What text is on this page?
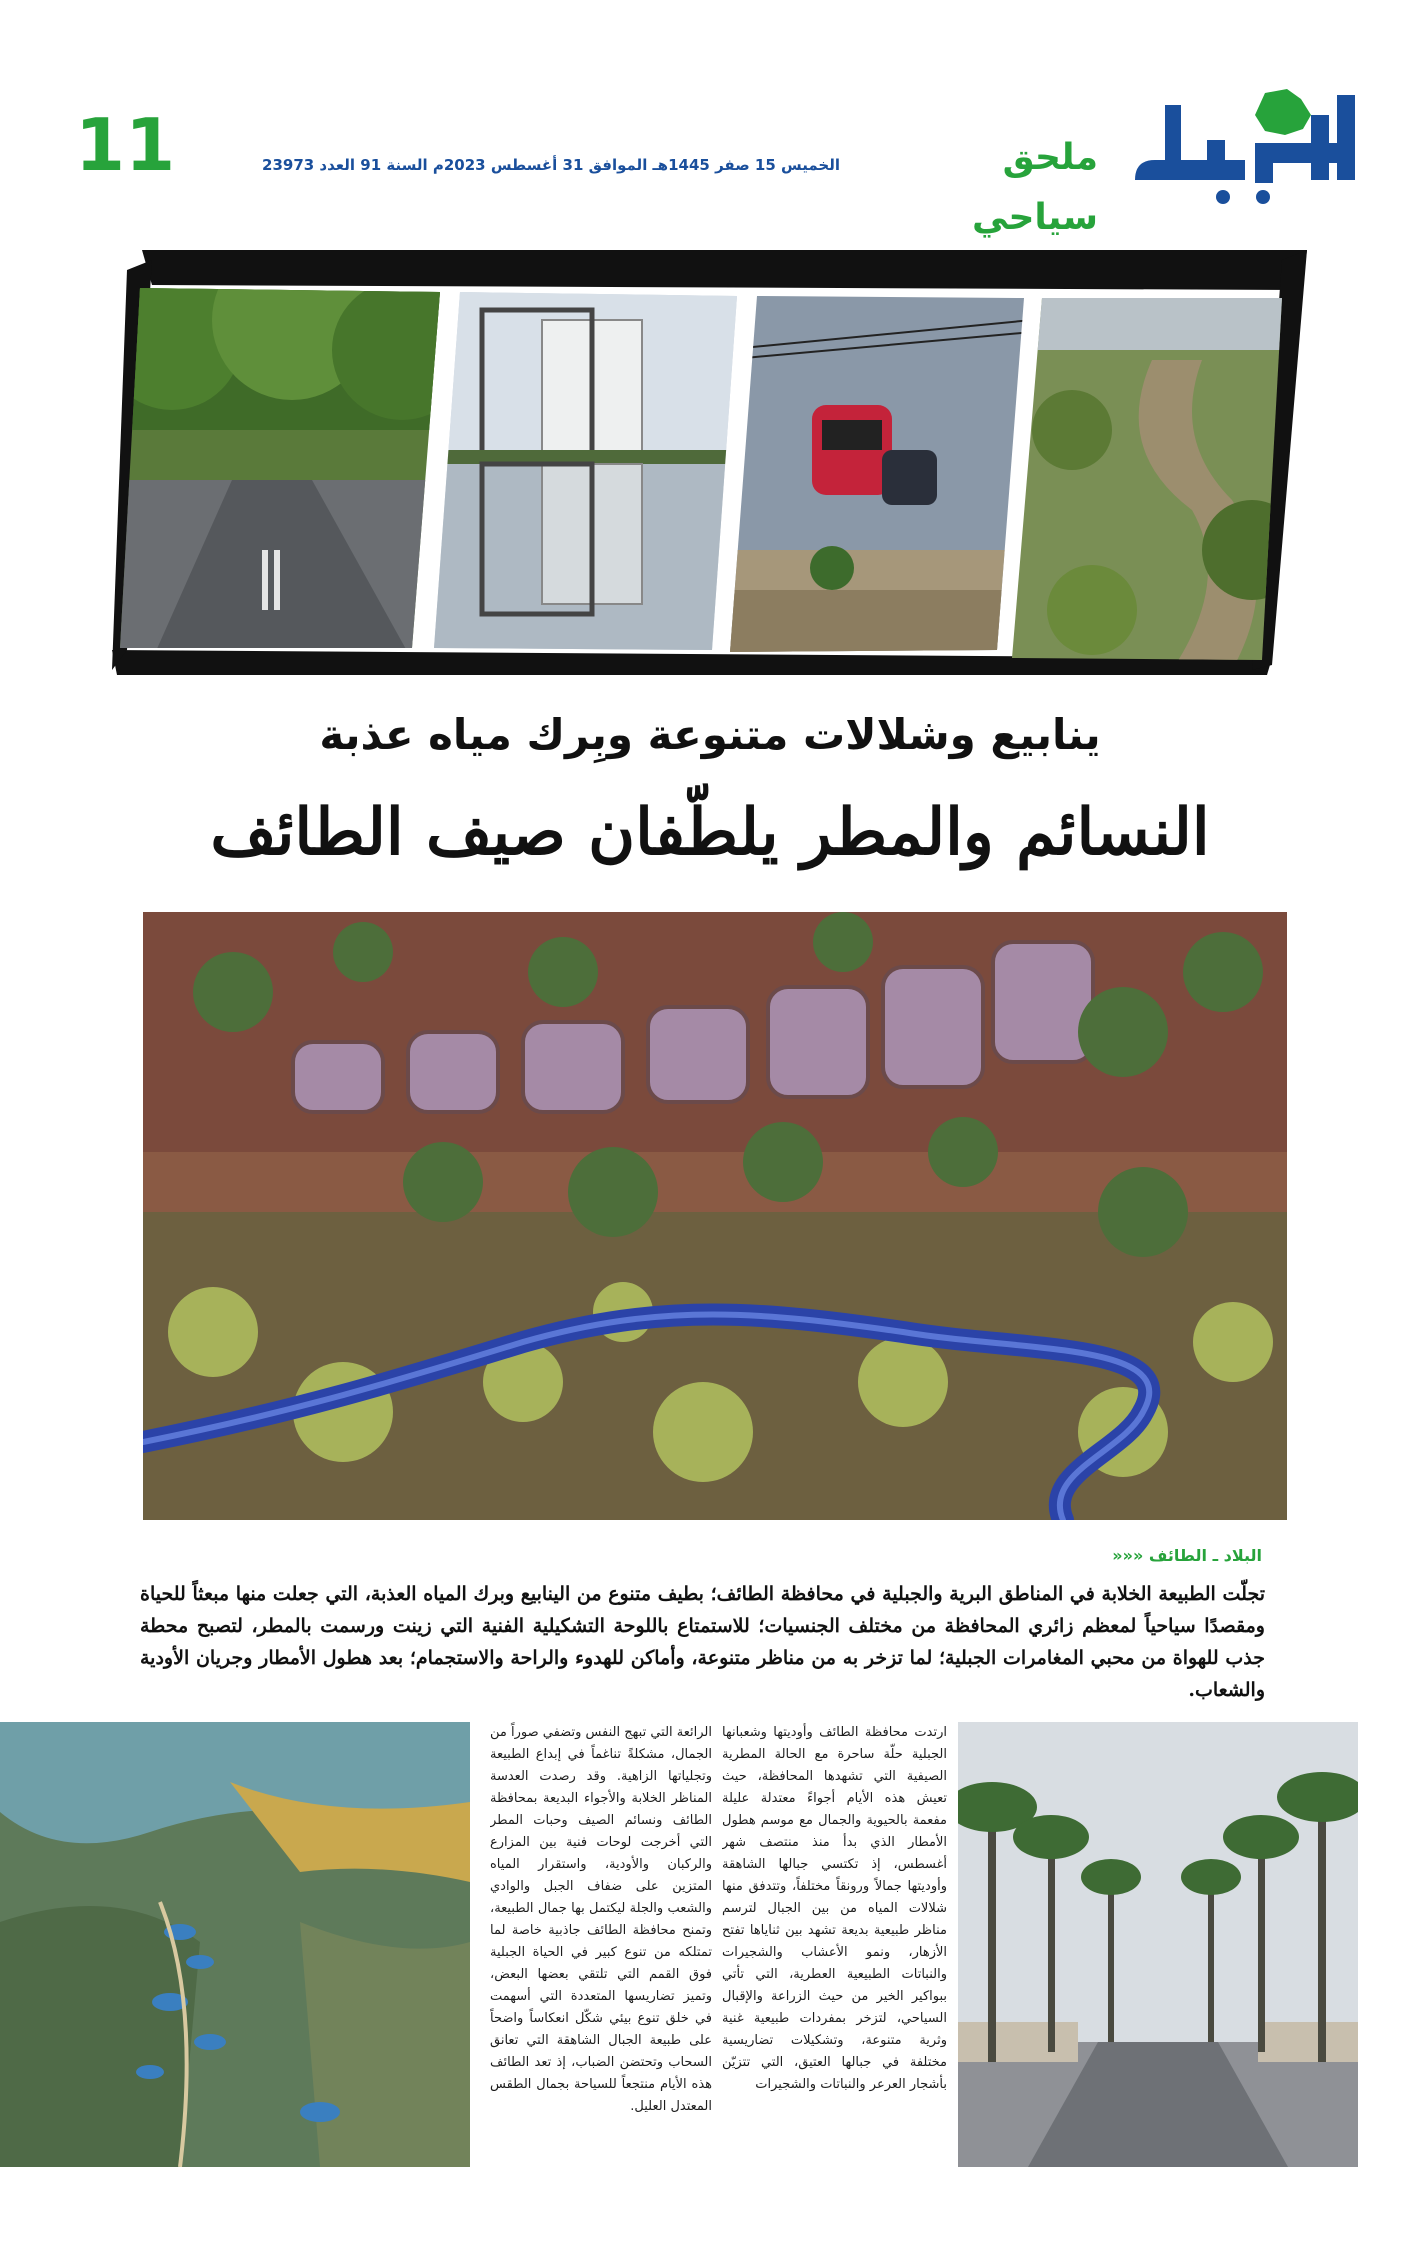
11	الخميس 15 صفر 1445هـ الموافق 31 أغسطس 2023م السنة 91 العدد 23973	ملحق سياحي
ينابيع وشلالات متنوعة وبِرك مياه عذبة
النسائم والمطر يلطّفان صيف الطائف
البلاد ـ الطائف «««
تجلّت الطبيعة الخلابة في المناطق البرية والجبلية في محافظة الطائف؛ بطيف متنوع من الينابيع وبرك المياه العذبة، التي جعلت منها مبعثاً للحياة ومقصدًا سياحياً لمعظم زائري المحافظة من مختلف الجنسيات؛ للاستمتاع باللوحة التشكيلية الفنية التي زينت ورسمت بالمطر، لتصبح محطة جذب للهواة من محبي المغامرات الجبلية؛ لما تزخر به من مناظر متنوعة، وأماكن للهدوء والراحة والاستجمام؛ بعد هطول الأمطار وجريان الأودية والشعاب.
ارتدت محافظة الطائف وأوديتها وشعبانها الجبلية حلّة ساحرة مع الحالة المطرية الصيفية التي تشهدها المحافظة، حيث تعيش هذه الأيام أجواءً معتدلة عليلة مفعمة بالحيوية والجمال مع موسم هطول الأمطار الذي بدأ منذ منتصف شهر أغسطس، إذ تكتسي جبالها الشاهقة وأوديتها جمالاً ورونقاً مختلفاً، وتتدفق منها شلالات المياه من بين الجبال لترسم مناظر طبيعية بديعة تشهد بين ثناياها تفتح الأزهار، ونمو الأعشاب والشجيرات والنباتات الطبيعية العطرية، التي تأتي ببواكير الخير من حيث الزراعة والإقبال السياحي، لتزخر بمفردات طبيعية غنية وثرية متنوعة، وتشكيلات تضاريسية مختلفة في جبالها العتيق، التي تتزيّن بأشجار العرعر والنباتات والشجيرات
الرائعة التي تبهج النفس وتضفي صوراً من الجمال، مشكلةً تناغماً في إبداع الطبيعة وتجلياتها الزاهية. وقد رصدت العدسة المناظر الخلابة والأجواء البديعة بمحافظة الطائف ونسائم الصيف وحبات المطر التي أخرجت لوحات فنية بين المزارع والركبان والأودية، واستقرار المياه المتزين على ضفاف الجبل والوادي والشعب والجلة ليكتمل بها جمال الطبيعة، وتمنح محافظة الطائف جاذبية خاصة لما تمتلكه من تنوع كبير في الحياة الجبلية فوق القمم التي تلتقي بعضها البعض، وتميز تضاريسها المتعددة التي أسهمت في خلق تنوع بيئي شكّل انعكاساً واضحاً على طبيعة الجبال الشاهقة التي تعانق السحاب وتحتضن الضباب، إذ تعد الطائف هذه الأيام منتجعاً للسياحة بجمال الطقس المعتدل العليل.
